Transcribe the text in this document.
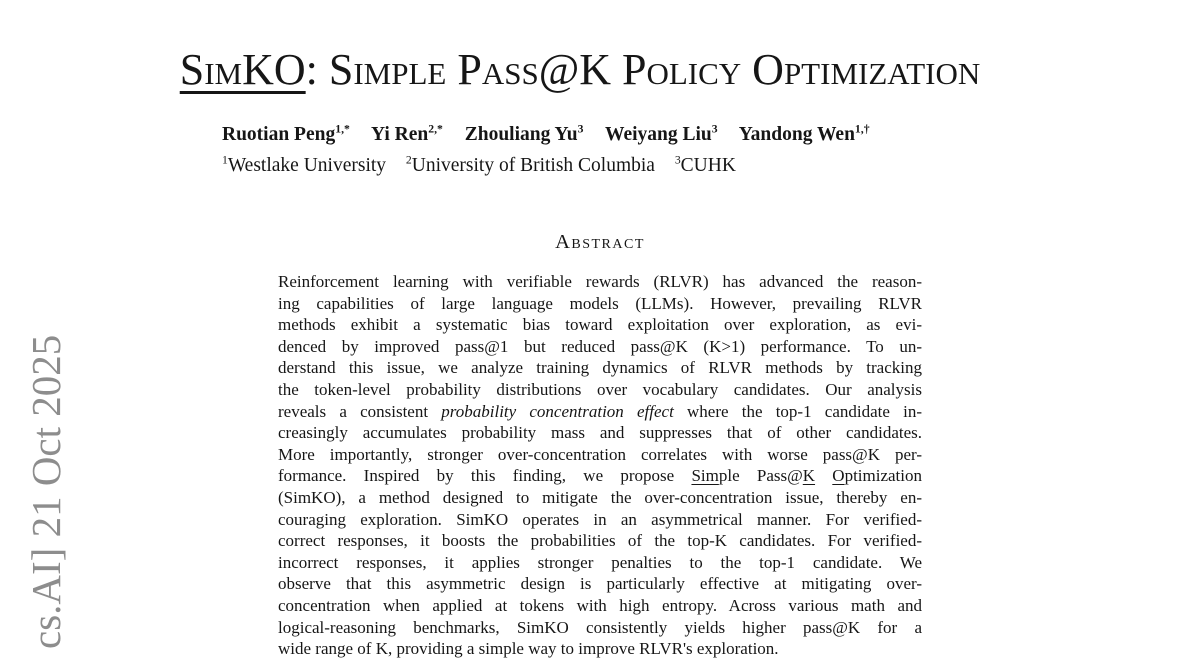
cs.AI] 21 Oct 2025
SimKO: Simple Pass@K Policy Optimization
Ruotian Peng$^{1,*}$ Yi Ren$^{2,*}$ Zhouliang Yu$^3$ Weiyang Liu$^3$ Yandong Wen$^{1,\dagger}$
$^1$Westlake University $^2$University of British Columbia $^3$CUHK
Abstract
Reinforcement learning with verifiable rewards (RLVR) has advanced the reason-
ing capabilities of large language models (LLMs). However, prevailing RLVR
methods exhibit a systematic bias toward exploitation over exploration, as evi-
denced by improved pass@1 but reduced pass@K (K>1) performance. To un-
derstand this issue, we analyze training dynamics of RLVR methods by tracking
the token-level probability distributions over vocabulary candidates. Our analysis
reveals a consistent probability concentration effect where the top-1 candidate in-
creasingly accumulates probability mass and suppresses that of other candidates.
More importantly, stronger over-concentration correlates with worse pass@K per-
formance. Inspired by this finding, we propose Simple Pass@K Optimization
(SimKO), a method designed to mitigate the over-concentration issue, thereby en-
couraging exploration. SimKO operates in an asymmetrical manner. For verified-
correct responses, it boosts the probabilities of the top-K candidates. For verified-
incorrect responses, it applies stronger penalties to the top-1 candidate. We
observe that this asymmetric design is particularly effective at mitigating over-
concentration when applied at tokens with high entropy. Across various math and
logical-reasoning benchmarks, SimKO consistently yields higher pass@K for a
wide range of K, providing a simple way to improve RLVR's exploration.
